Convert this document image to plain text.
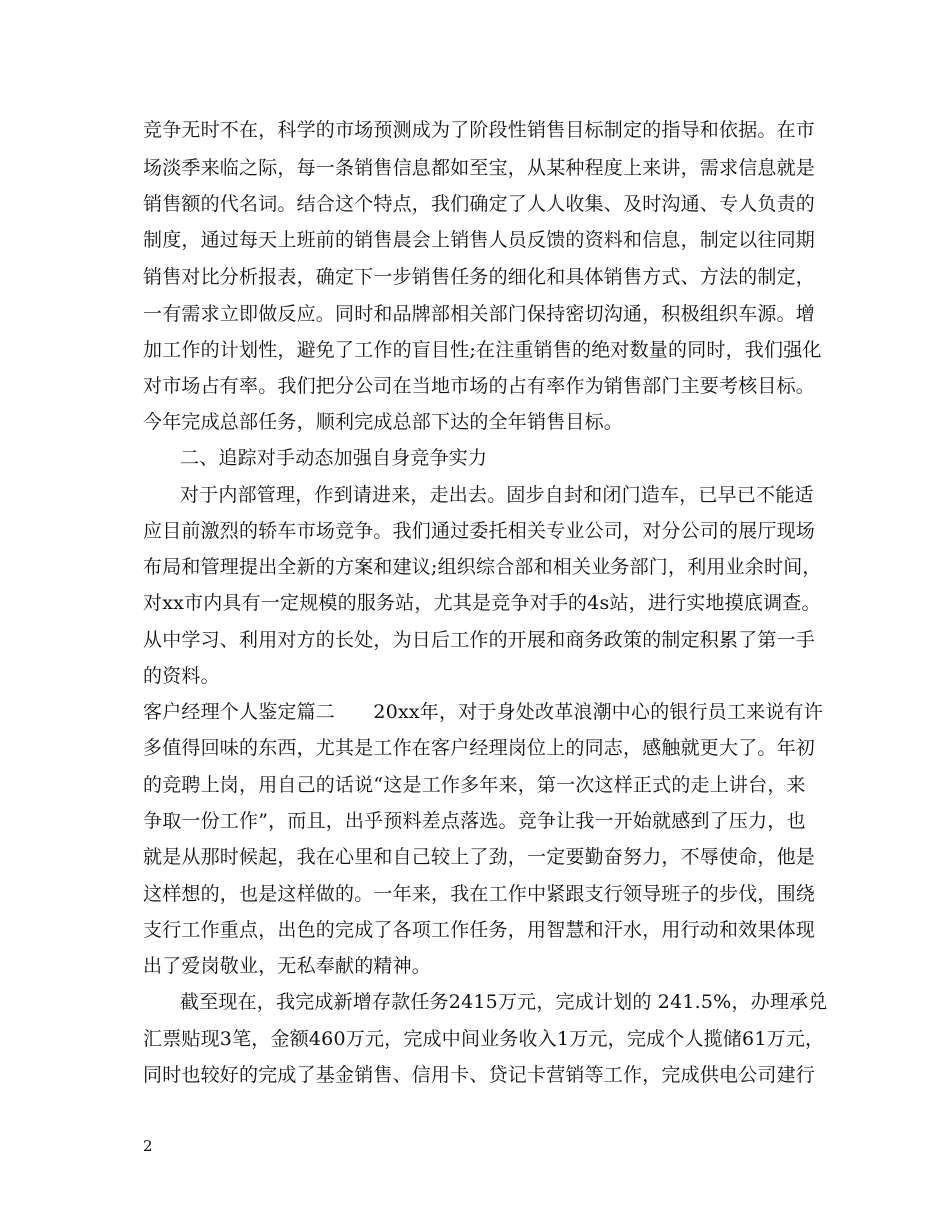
竞争无时不在，科学的市场预测成为了阶段性销售目标制定的指导和依据。在市
场淡季来临之际，每一条销售信息都如至宝，从某种程度上来讲，需求信息就是
销售额的代名词。结合这个特点，我们确定了人人收集、及时沟通、专人负责的
制度，通过每天上班前的销售晨会上销售人员反馈的资料和信息，制定以往同期
销售对比分析报表，确定下一步销售任务的细化和具体销售方式、方法的制定，
一有需求立即做反应。同时和品牌部相关部门保持密切沟通，积极组织车源。增
加工作的计划性，避免了工作的盲目性;在注重销售的绝对数量的同时，我们强化
对市场占有率。我们把分公司在当地市场的占有率作为销售部门主要考核目标。
今年完成总部任务，顺利完成总部下达的全年销售目标。
二、追踪对手动态加强自身竞争实力
对于内部管理，作到请进来，走出去。固步自封和闭门造车，已早已不能适
应目前激烈的轿车市场竞争。我们通过委托相关专业公司，对分公司的展厅现场
布局和管理提出全新的方案和建议;组织综合部和相关业务部门，利用业余时间，
对xx市内具有一定规模的服务站，尤其是竞争对手的4s站，进行实地摸底调查。
从中学习、利用对方的长处，为日后工作的开展和商务政策的制定积累了第一手
的资料。
客户经理个人鉴定篇二　　20xx年，对于身处改革浪潮中心的银行员工来说有许
多值得回味的东西，尤其是工作在客户经理岗位上的同志，感触就更大了。年初
的竞聘上岗，用自己的话说“这是工作多年来，第一次这样正式的走上讲台，来
争取一份工作”，而且，出乎预料差点落选。竞争让我一开始就感到了压力，也
就是从那时候起，我在心里和自己较上了劲，一定要勤奋努力，不辱使命，他是
这样想的，也是这样做的。一年来，我在工作中紧跟支行领导班子的步伐，围绕
支行工作重点，出色的完成了各项工作任务，用智慧和汗水，用行动和效果体现
出了爱岗敬业，无私奉献的精神。
截至现在，我完成新增存款任务2415万元，完成计划的 241.5%，办理承兑
汇票贴现3笔，金额460万元，完成中间业务收入1万元，完成个人揽储61万元，
同时也较好的完成了基金销售、信用卡、贷记卡营销等工作，完成供电公司建行
2
